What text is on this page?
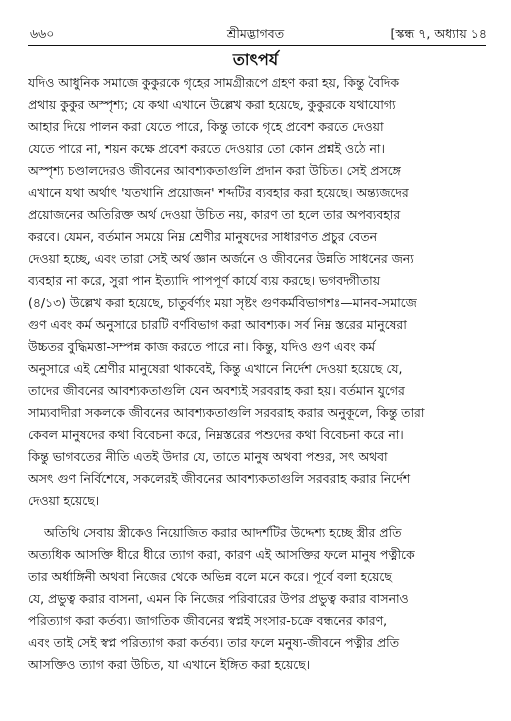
৬৬০	শ্রীমদ্ভাগবত	[স্কন্ধ ৭, অধ্যায় ১৪
তাৎপর্য
যদিও আধুনিক সমাজে কুকুরকে গৃহের সামগ্রীরূপে গ্রহণ করা হয়, কিন্তু বৈদিক
প্রথায় কুকুর অস্পৃশ্য; যে কথা এখানে উল্লেখ করা হয়েছে, কুকুরকে যথাযোগ্য
আহার দিয়ে পালন করা যেতে পারে, কিন্তু তাকে গৃহে প্রবেশ করতে দেওয়া
যেতে পারে না, শয়ন কক্ষে প্রবেশ করতে দেওয়ার তো কোন প্রশ্নই ওঠে না।
অস্পৃশ্য চণ্ডালদেরও জীবনের আবশ্যকতাগুলি প্রদান করা উচিত। সেই প্রসঙ্গে
এখানে যথা অর্থাৎ 'যতখানি প্রয়োজন' শব্দটির ব্যবহার করা হয়েছে। অন্ত্যজদের
প্রয়োজনের অতিরিক্ত অর্থ দেওয়া উচিত নয়, কারণ তা হলে তার অপব্যবহার
করবে। যেমন, বর্তমান সময়ে নিম্ন শ্রেণীর মানুষদের সাধারণত প্রচুর বেতন
দেওয়া হচ্ছে, এবং তারা সেই অর্থ জ্ঞান অর্জনে ও জীবনের উন্নতি সাধনের জন্য
ব্যবহার না করে, সুরা পান ইত্যাদি পাপপূর্ণ কার্যে ব্যয় করছে। ভগবদ্গীতায়
(৪/১৩) উল্লেখ করা হয়েছে, চাতুর্বর্ণ্যং ময়া সৃষ্টং গুণকর্মবিভাগশঃ—মানব-সমাজে
গুণ এবং কর্ম অনুসারে চারটি বর্ণবিভাগ করা আবশ্যক। সর্ব নিম্ন স্তরের মানুষেরা
উচ্চতর বুদ্ধিমত্তা-সম্পন্ন কাজ করতে পারে না। কিন্তু, যদিও গুণ এবং কর্ম
অনুসারে এই শ্রেণীর মানুষেরা থাকবেই, কিন্তু এখানে নির্দেশ দেওয়া হয়েছে যে,
তাদের জীবনের আবশ্যকতাগুলি যেন অবশ্যই সরবরাহ করা হয়। বর্তমান যুগের
সাম্যবাদীরা সকলকে জীবনের আবশ্যকতাগুলি সরবরাহ করার অনুকূলে, কিন্তু তারা
কেবল মানুষদের কথা বিবেচনা করে, নিম্নস্তরের পশুদের কথা বিবেচনা করে না।
কিন্তু ভাগবতের নীতি এতই উদার যে, তাতে মানুষ অথবা পশুর, সৎ অথবা
অসৎ গুণ নির্বিশেষে, সকলেরই জীবনের আবশ্যকতাগুলি সরবরাহ করার নির্দেশ
দেওয়া হয়েছে।
অতিথি সেবায় স্ত্রীকেও নিয়োজিত করার আদর্শটির উদ্দেশ্য হচ্ছে স্ত্রীর প্রতি
অত্যধিক আসক্তি ধীরে ধীরে ত্যাগ করা, কারণ এই আসক্তির ফলে মানুষ পত্নীকে
তার অর্ধাঙ্গিনী অথবা নিজের থেকে অভিন্ন বলে মনে করে। পূর্বে বলা হয়েছে
যে, প্রভুত্ব করার বাসনা, এমন কি নিজের পরিবারের উপর প্রভুত্ব করার বাসনাও
পরিত্যাগ করা কর্তব্য। জাগতিক জীবনের স্বপ্নই সংসার-চক্রে বন্ধনের কারণ,
এবং তাই সেই স্বপ্ন পরিত্যাগ করা কর্তব্য। তার ফলে মনুষ্য-জীবনে পত্নীর প্রতি
আসক্তিও ত্যাগ করা উচিত, যা এখানে ইঙ্গিত করা হয়েছে।
